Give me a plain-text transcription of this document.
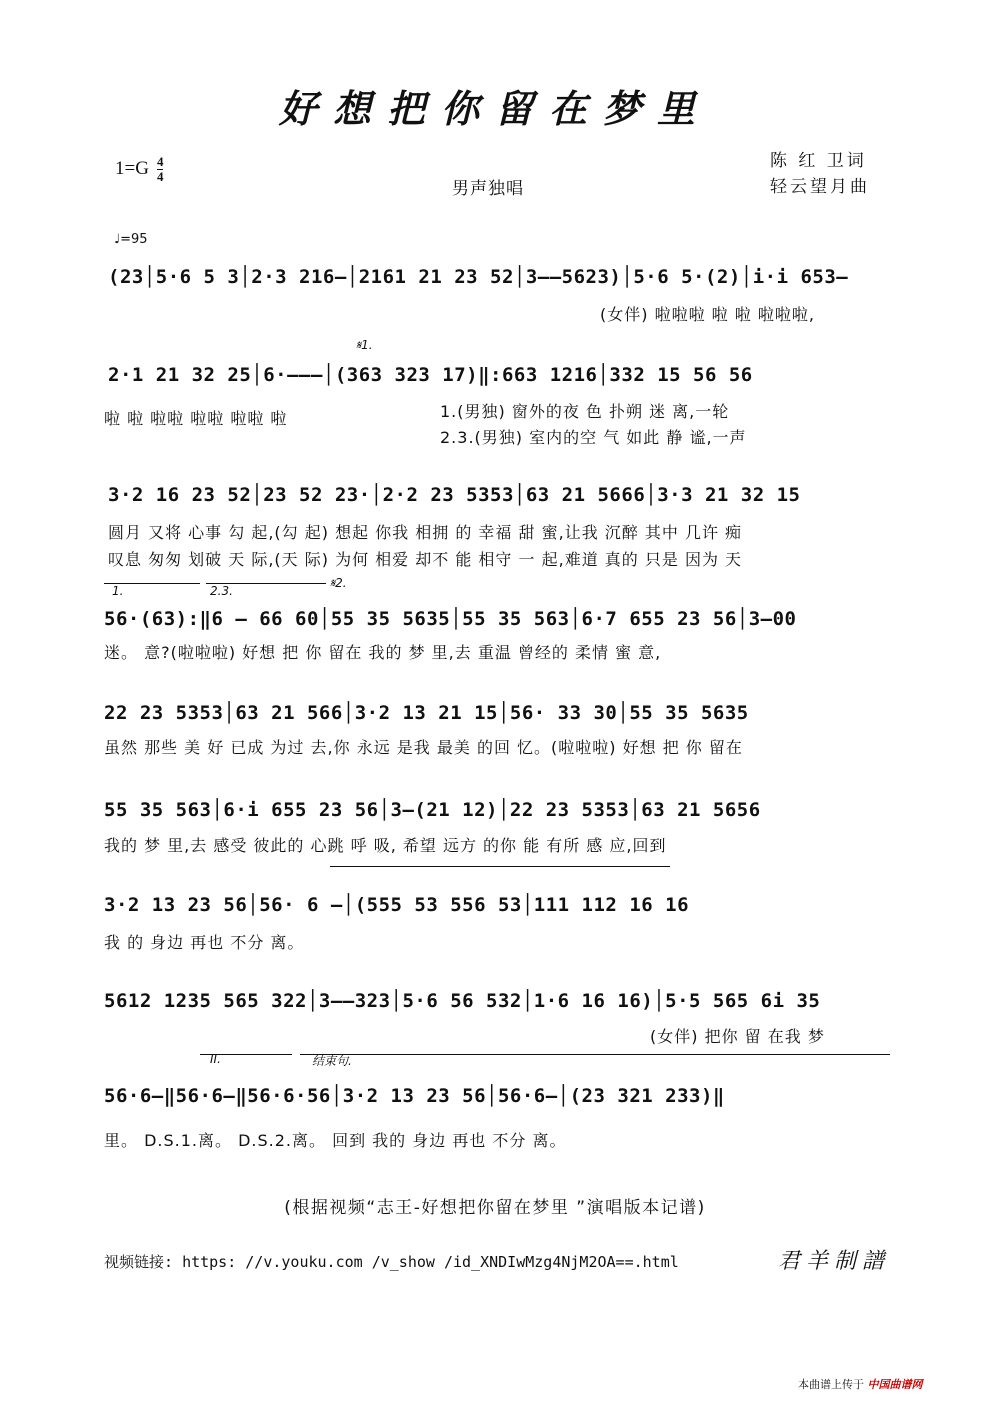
好想把你留在梦里
$1=G \frac{4}{4}$
男声独唱
陈 红 卫词
轻云望月曲
♩=95
(23│5·6 5 3│2·3 216–│2161 21 23 52│3––5623)│5·6 5·(2)│i·i 653–
(女伴) 啦啦啦 啦 啦 啦啦啦,
𝄋1.
2·1 21 32 25│6·–––│(363 323 17)‖:663 1216│332 15 56 56
啦 啦 啦啦 啦啦 啦啦 啦	1.(男独) 窗外的夜 色 扑朔 迷 离,一轮
2.3.(男独) 室内的空 气 如此 静 谧,一声
3·2 16 23 52│23 52 23·│2·2 23 5353│63 21 5666│3·3 21 32 15
圆月 又将 心事 勾 起,(勾 起) 想起 你我 相拥 的 幸福 甜 蜜,让我 沉醉 其中 几许 痴
叹息 匆匆 划破 天 际,(天 际) 为何 相爱 却不 能 相守 一 起,难道 真的 只是 因为 天
1.	2.3.
𝄋2.
56·(63):‖6 – 66 60│55 35 5635│55 35 563│6·7 655 23 56│3–00
迷。 意?(啦啦啦) 好想 把 你 留在 我的 梦 里,去 重温 曾经的 柔情 蜜 意,
22 23 5353│63 21 566│3·2 13 21 15│56· 33 30│55 35 5635
虽然 那些 美 好 已成 为过 去,你 永远 是我 最美 的回 忆。(啦啦啦) 好想 把 你 留在
55 35 563│6·i 655 23 56│3–(21 12)│22 23 5353│63 21 5656
我的 梦 里,去 感受 彼此的 心跳 呼 吸, 希望 远方 的你 能 有所 感 应,回到
3·2 13 23 56│56· 6 –│(555 53 556 53│111 112 16 16
我 的 身边 再也 不分 离。
5612 1235 565 322│3––323│5·6 56 532│1·6 16 16)│5·5 565 6i 35
(女伴) 把你 留 在我 梦
II.	结束句.
56·6–‖56·6–‖56·6·56│3·2 13 23 56│56·6–│(23 321 233)‖
里。 D.S.1.离。 D.S.2.离。 回到 我的 身边 再也 不分 离。
(根据视频“志王-好想把你留在梦里 ”演唱版本记谱)
视频链接: https: //v.youku.com /v_show /id_XNDIwMzg4NjM2OA==.html	君羊制譜
本曲谱上传于 中国曲谱网
